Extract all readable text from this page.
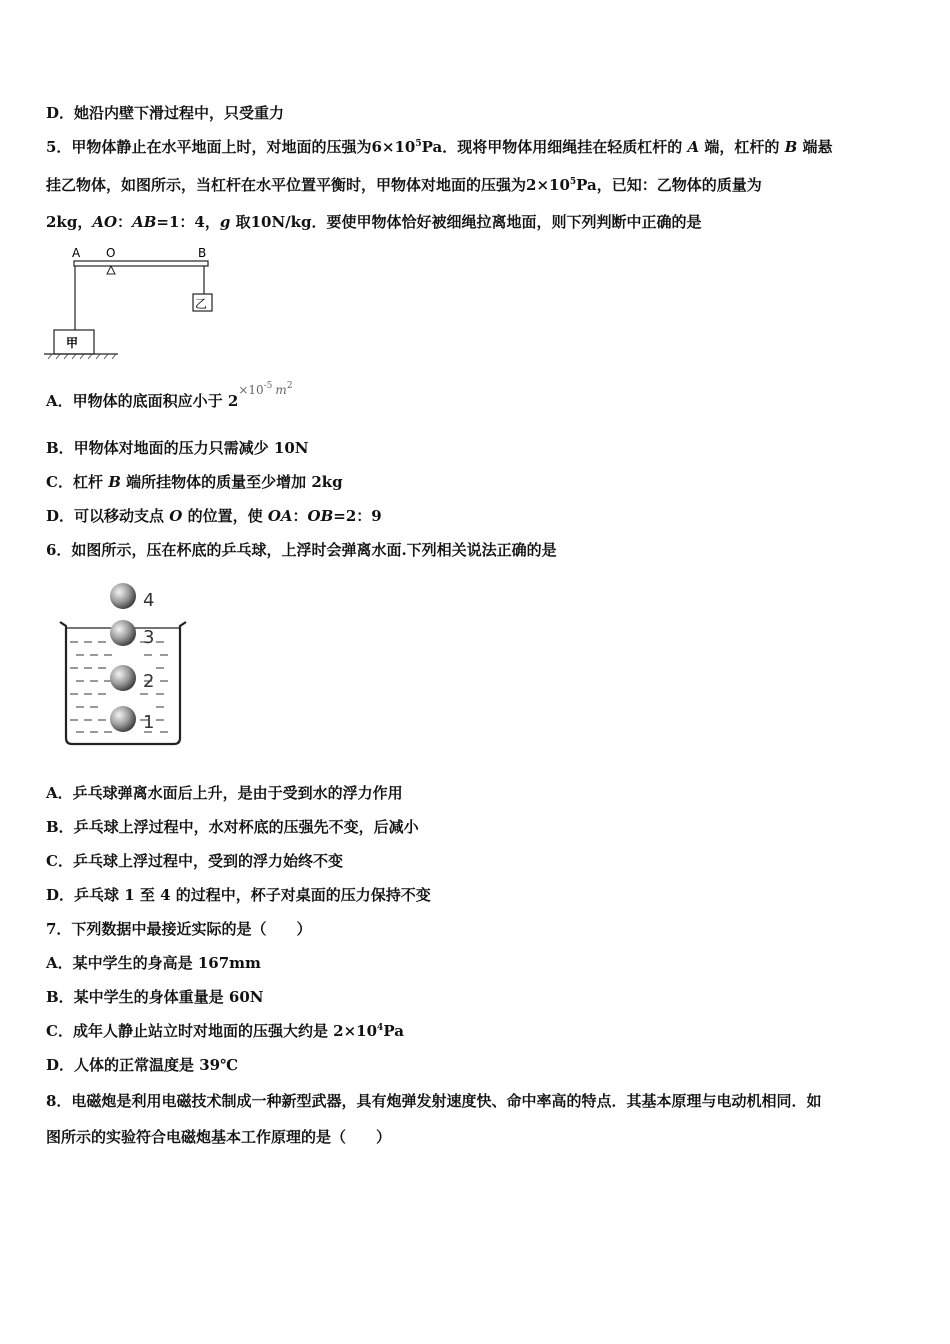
D．她沿内壁下滑过程中，只受重力
5．甲物体静止在水平地面上时，对地面的压强为$6\times 10^5Pa$．现将甲物体用细绳挂在轻质杠杆的 A 端，杠杆的 B 端悬
挂乙物体，如图所示，当杠杆在水平位置平衡时，甲物体对地面的压强为$2\times 10^5Pa$，已知：乙物体的质量为
2kg，AO：AB=1：4，g 取10N/kg．要使甲物体恰好被细绳拉离地面，则下列判断中正确的是
A O	B
乙
甲
A．甲物体的底面积应小于 $2^{\times 10^{-5} m^2}$
B．甲物体对地面的压力只需减少 10N
C．杠杆 B 端所挂物体的质量至少增加 2kg
D．可以移动支点 O 的位置，使 OA：OB=2：9
6．如图所示，压在杯底的乒乓球，上浮时会弹离水面.下列相关说法正确的是
4
3
2
1
A．乒乓球弹离水面后上升，是由于受到水的浮力作用
B．乒乓球上浮过程中，水对杯底的压强先不变，后减小
C．乒乓球上浮过程中，受到的浮力始终不变
D．乒乓球 1 至 4 的过程中，杯子对桌面的压力保持不变
7．下列数据中最接近实际的是（　　）
A．某中学生的身高是 167mm
B．某中学生的身体重量是 60N
C．成年人静止站立时对地面的压强大约是 $2\times 10^4Pa$
D．人体的正常温度是 39℃
8．电磁炮是利用电磁技术制成一种新型武器，具有炮弹发射速度快、命中率高的特点．其基本原理与电动机相同．如
图所示的实验符合电磁炮基本工作原理的是（　　）
